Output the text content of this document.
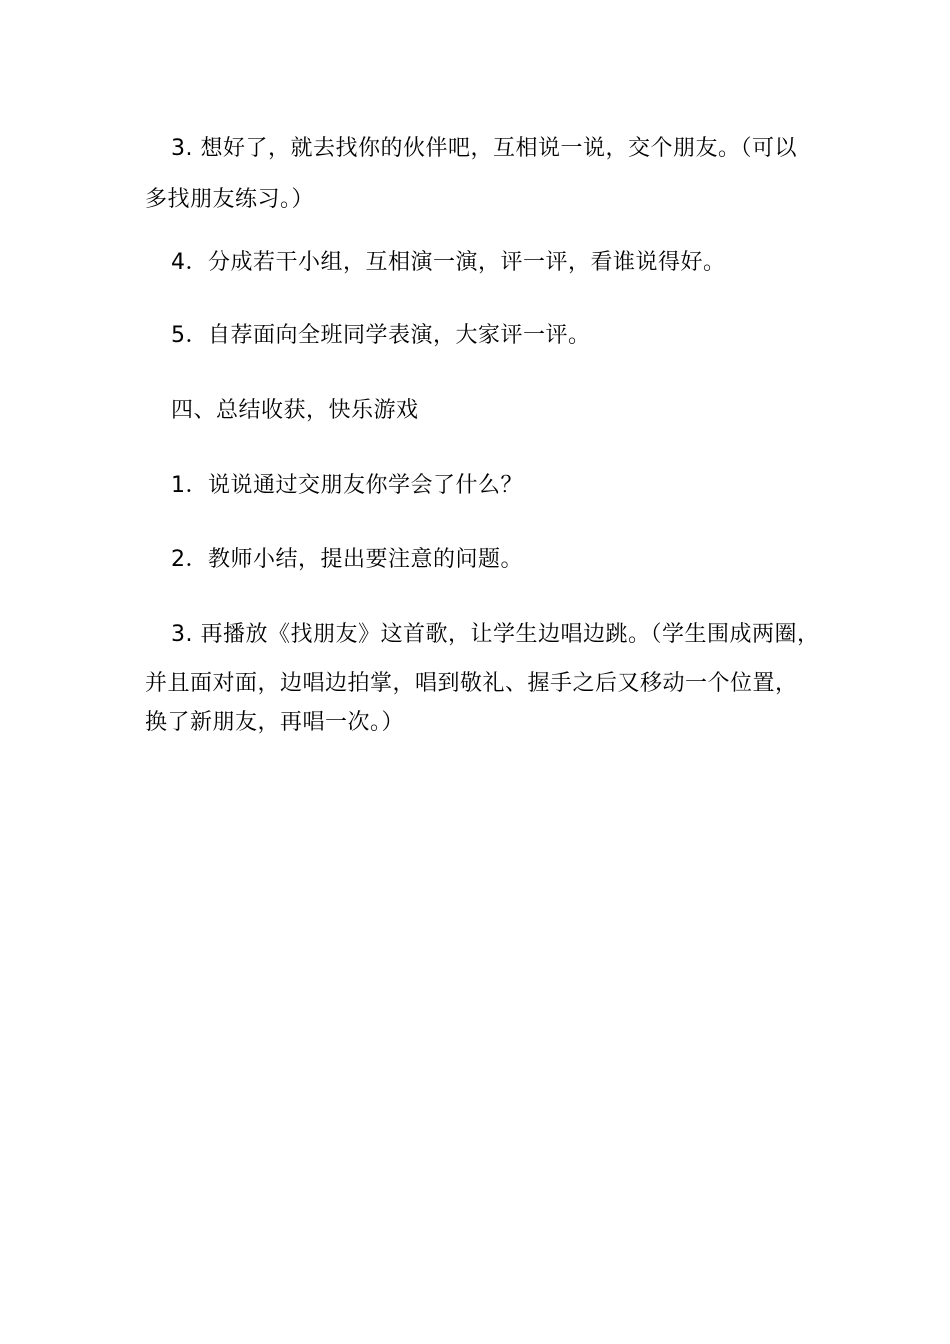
3. 想好了，就去找你的伙伴吧，互相说一说，交个朋友。（可以
多找朋友练习。）
4．分成若干小组，互相演一演，评一评，看谁说得好。
5．自荐面向全班同学表演，大家评一评。
四、总结收获，快乐游戏
1．说说通过交朋友你学会了什么？
2．教师小结，提出要注意的问题。
3. 再播放《找朋友》这首歌，让学生边唱边跳。（学生围成两圈，
并且面对面，边唱边拍掌，唱到敬礼、握手之后又移动一个位置，
换了新朋友，再唱一次。）
